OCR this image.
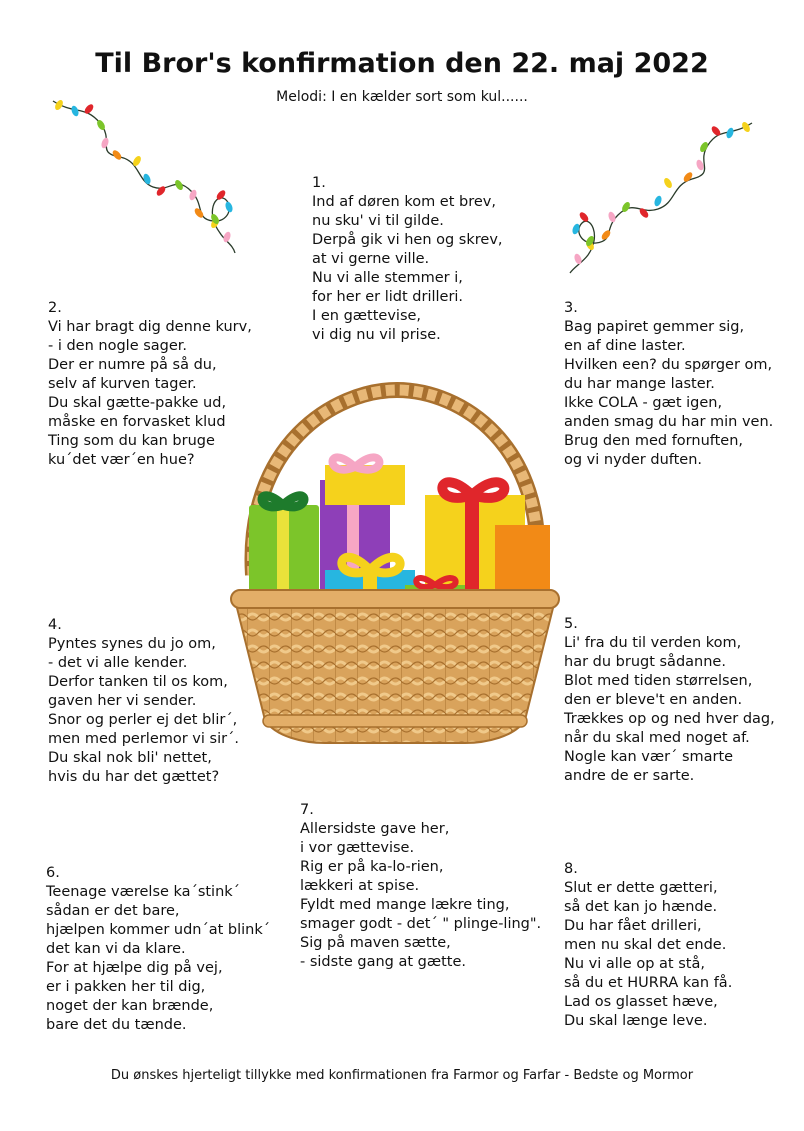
Til Bror's konfirmation den 22. maj 2022
Melodi: I en kælder sort som kul......
1.
Ind af døren kom et brev,
nu sku' vi til gilde.
Derpå gik vi hen og skrev,
at vi gerne ville.
Nu vi alle stemmer i,
for her er lidt drilleri.
I en gættevise,
vi dig nu vil prise.
2.
Vi har bragt dig denne kurv,
- i den nogle sager.
Der er numre på så du,
selv af kurven tager.
Du skal gætte-pakke ud,
måske en forvasket klud
Ting som du kan bruge
ku´det vær´en hue?
3.
Bag papiret gemmer sig,
en af dine laster.
Hvilken een? du spørger om,
du har mange laster.
Ikke COLA - gæt igen,
anden smag du har min ven.
Brug den med fornuften,
og vi nyder duften.
4.
Pyntes synes du jo om,
- det vi alle kender.
Derfor tanken til os kom,
gaven her vi sender.
Snor og perler ej det blir´,
men med perlemor vi sir´.
Du skal nok bli' nettet,
hvis du har det gættet?
5.
Li' fra du til verden kom,
har du brugt sådanne.
Blot med tiden størrelsen,
den er bleve't en anden.
Trækkes op og ned hver dag,
når du skal med noget af.
Nogle kan vær´ smarte
andre de er sarte.
7.
Allersidste gave her,
i vor gættevise.
Rig er på ka-lo-rien,
lækkeri at spise.
Fyldt med mange lækre ting,
smager godt - det´ " plinge-ling".
Sig på maven sætte,
- sidste gang at gætte.
6.
Teenage værelse ka´stink´
sådan er det bare,
hjælpen kommer udn´at blink´
det kan vi da klare.
For at hjælpe dig på vej,
er i pakken her til dig,
noget der kan brænde,
bare det du tænde.
8.
Slut er dette gætteri,
så det kan jo hænde.
Du har fået drilleri,
men nu skal det ende.
Nu vi alle op at stå,
så du et HURRA kan få.
Lad os glasset hæve,
Du skal længe leve.
Du ønskes hjerteligt tillykke med konfirmationen fra Farmor og Farfar - Bedste og Mormor
